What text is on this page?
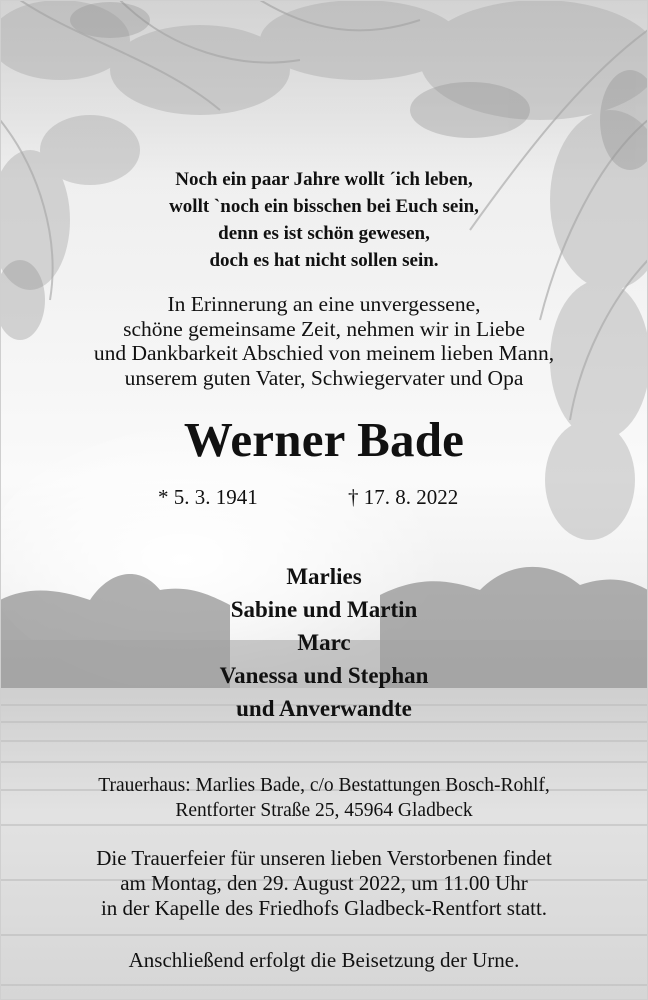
Noch ein paar Jahre wollt ´ich leben,
wollt `noch ein bisschen bei Euch sein,
denn es ist schön gewesen,
doch es hat nicht sollen sein.
In Erinnerung an eine unvergessene,
schöne gemeinsame Zeit, nehmen wir in Liebe
und Dankbarkeit Abschied von meinem lieben Mann,
unserem guten Vater, Schwiegervater und Opa
Werner Bade
* 5. 3. 1941	† 17. 8. 2022
Marlies
Sabine und Martin
Marc
Vanessa und Stephan
und Anverwandte
Trauerhaus: Marlies Bade, c/o Bestattungen Bosch-Rohlf,
Rentforter Straße 25, 45964 Gladbeck
Die Trauerfeier für unseren lieben Verstorbenen findet
am Montag, den 29. August 2022, um 11.00 Uhr
in der Kapelle des Friedhofs Gladbeck-Rentfort statt.
Anschließend erfolgt die Beisetzung der Urne.
